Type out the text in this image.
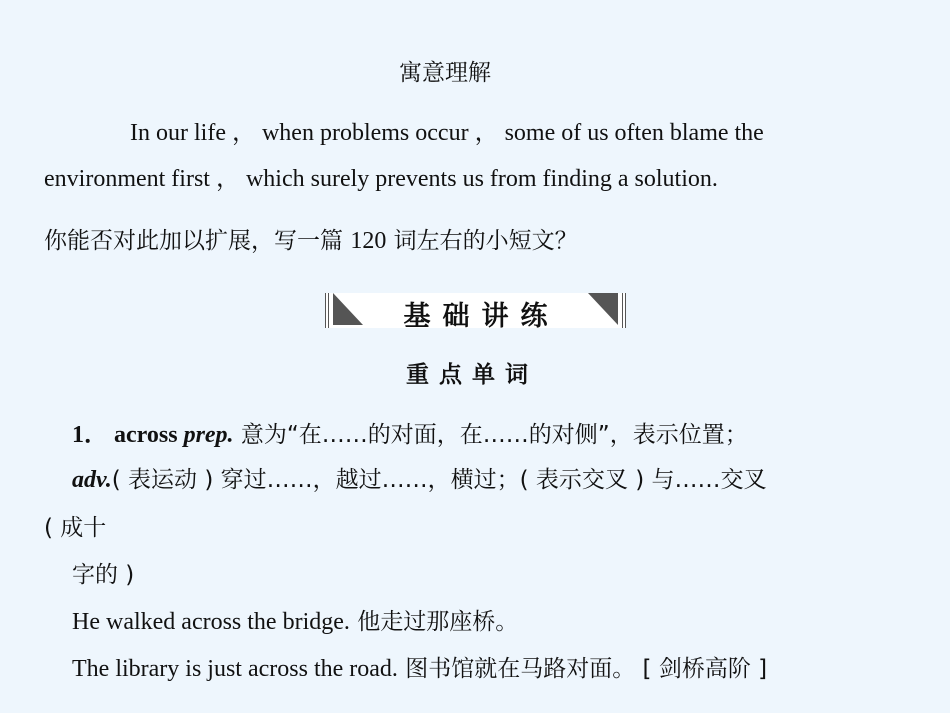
寓意理解
In our life ， when problems occur ， some of us often blame the
environment first ， which surely prevents us from finding a solution.
你能否对此加以扩展，写一篇 120 词左右的小短文？
基础讲练
重点单词
1． across prep. 意为“在……的对面，在……的对侧”，表示位置；
adv.( 表运动 ) 穿过……，越过……，横过；( 表示交叉 ) 与……交叉
( 成十
字的 )
He walked across the bridge. 他走过那座桥。
The library is just across the road. 图书馆就在马路对面。 [ 剑桥高阶 ]
